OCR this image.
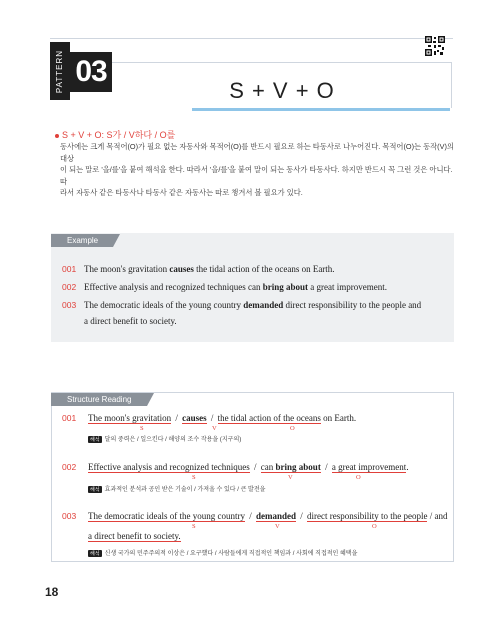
PATTERN 03
S + V + O
S + V + O: S가 / V하다 / O를
동사에는 크게 목적어(O)가 필요 없는 자동사와 목적어(O)를 반드시 필요로 하는 타동사로 나누어진다. 목적어(O)는 동작(V)의 대상
이 되는 말로 '을/를'을 붙여 해석을 한다. 따라서 '을/를'을 붙여 말이 되는 동사가 타동사다. 하지만 반드시 꼭 그런 것은 아니다. 따
라서 자동사 같은 타동사나 타동사 같은 자동사는 따로 챙겨서 볼 필요가 있다.
Example
001 The moon's gravitation causes the tidal action of the oceans on Earth.
002 Effective analysis and recognized techniques can bring about a great improvement.
003 The democratic ideals of the young country demanded direct responsibility to the people and
a direct benefit to society.
Structure Reading
001 The moon's gravitation / causes / the tidal action of the oceans on Earth.
S	V	O
해석 달의 중력은 / 일으킨다 / 해양의 조수 작용을 (지구의)
002 Effective analysis and recognized techniques / can bring about / a great improvement.
S	V	O
해석 효과적인 분석과 공인 받은 기술이 / 가져올 수 있다 / 큰 발전을
003 The democratic ideals of the young country / demanded / direct responsibility to the people / and
S	V	O
a direct benefit to society.
해석 신생 국가의 민주주의적 이상은 / 요구했다 / 사람들에게 직접적인 책임과 / 사회에 직접적인 혜택을
18
